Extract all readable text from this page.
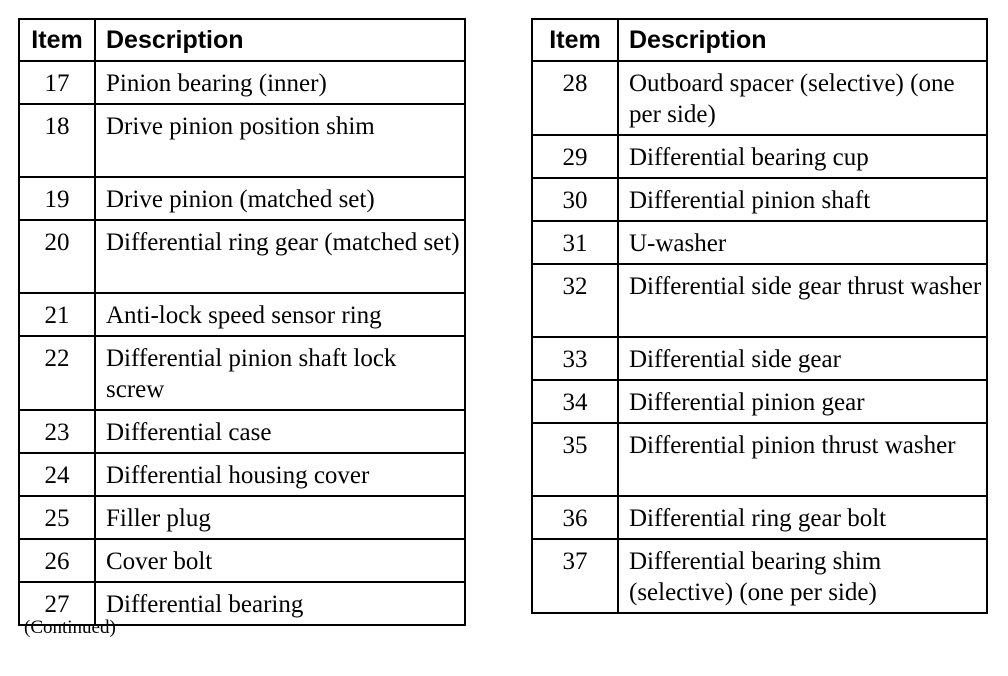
Item	Description
17	Pinion bearing (inner)
18	Drive pinion position shim
19	Drive pinion (matched set)
20	Differential ring gear (matched set)
21	Anti-lock speed sensor ring
22	Differential pinion shaft lock screw
23	Differential case
24	Differential housing cover
25	Filler plug
26	Cover bolt
27	Differential bearing
Item	Description
28	Outboard spacer (selective) (one per side)
29	Differential bearing cup
30	Differential pinion shaft
31	U-washer
32	Differential side gear thrust washer
33	Differential side gear
34	Differential pinion gear
35	Differential pinion thrust washer
36	Differential ring gear bolt
37	Differential bearing shim (selective) (one per side)
(Continued)
